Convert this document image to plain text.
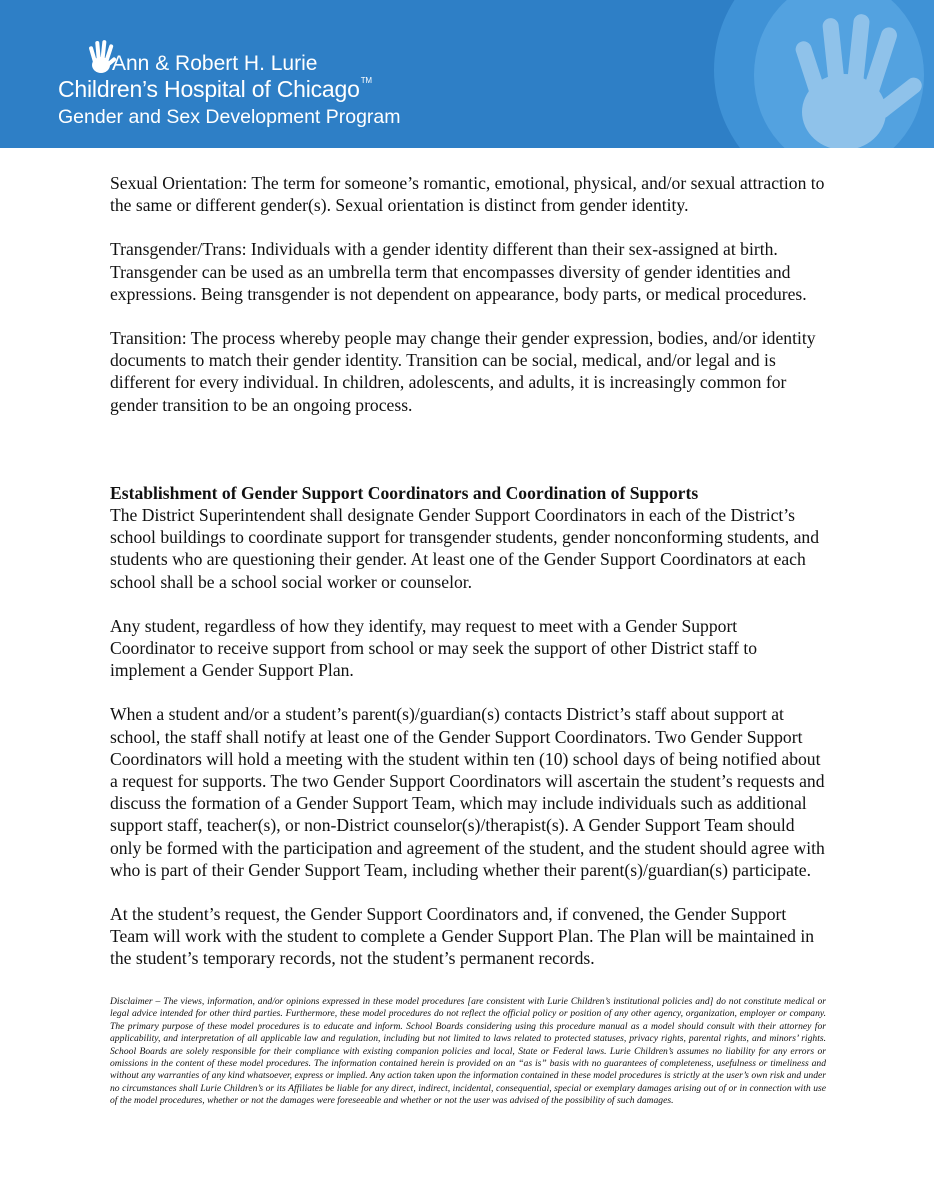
Ann & Robert H. Lurie
Children’s Hospital of Chicago™
Gender and Sex Development Program

Sexual Orientation: The term for someone’s romantic, emotional, physical, and/or sexual attraction to the same or different gender(s). Sexual orientation is distinct from gender identity.

Transgender/Trans: Individuals with a gender identity different than their sex-assigned at birth. Transgender can be used as an umbrella term that encompasses diversity of gender identities and expressions. Being transgender is not dependent on appearance, body parts, or medical procedures.

Transition: The process whereby people may change their gender expression, bodies, and/or identity documents to match their gender identity. Transition can be social, medical, and/or legal and is different for every individual. In children, adolescents, and adults, it is increasingly common for gender transition to be an ongoing process.

Establishment of Gender Support Coordinators and Coordination of Supports

The District Superintendent shall designate Gender Support Coordinators in each of the District’s school buildings to coordinate support for transgender students, gender nonconforming students, and students who are questioning their gender. At least one of the Gender Support Coordinators at each school shall be a school social worker or counselor.

Any student, regardless of how they identify, may request to meet with a Gender Support Coordinator to receive support from school or may seek the support of other District staff to implement a Gender Support Plan.

When a student and/or a student’s parent(s)/guardian(s) contacts District’s staff about support at school, the staff shall notify at least one of the Gender Support Coordinators. Two Gender Support Coordinators will hold a meeting with the student within ten (10) school days of being notified about a request for supports. The two Gender Support Coordinators will ascertain the student’s requests and discuss the formation of a Gender Support Team, which may include individuals such as additional support staff, teacher(s), or non-District counselor(s)/therapist(s). A Gender Support Team should only be formed with the participation and agreement of the student, and the student should agree with who is part of their Gender Support Team, including whether their parent(s)/guardian(s) participate.

At the student’s request, the Gender Support Coordinators and, if convened, the Gender Support Team will work with the student to complete a Gender Support Plan. The Plan will be maintained in the student’s temporary records, not the student’s permanent records.

Disclaimer – The views, information, and/or opinions expressed in these model procedures [are consistent with Lurie Children’s institutional policies and] do not constitute medical or legal advice intended for other third parties. Furthermore, these model procedures do not reflect the official policy or position of any other agency, organization, employer or company. The primary purpose of these model procedures is to educate and inform. School Boards considering using this procedure manual as a model should consult with their attorney for applicability, and interpretation of all applicable law and regulation, including but not limited to laws related to protected statuses, privacy rights, parental rights, and minors’ rights. School Boards are solely responsible for their compliance with existing companion policies and local, State or Federal laws. Lurie Children’s assumes no liability for any errors or omissions in the content of these model procedures. The information contained herein is provided on an “as is” basis with no guarantees of completeness, usefulness or timeliness and without any warranties of any kind whatsoever, express or implied. Any action taken upon the information contained in these model procedures is strictly at the user’s own risk and under no circumstances shall Lurie Children’s or its Affiliates be liable for any direct, indirect, incidental, consequential, special or exemplary damages arising out of or in connection with use of the model procedures, whether or not the damages were foreseeable and whether or not the user was advised of the possibility of such damages.
